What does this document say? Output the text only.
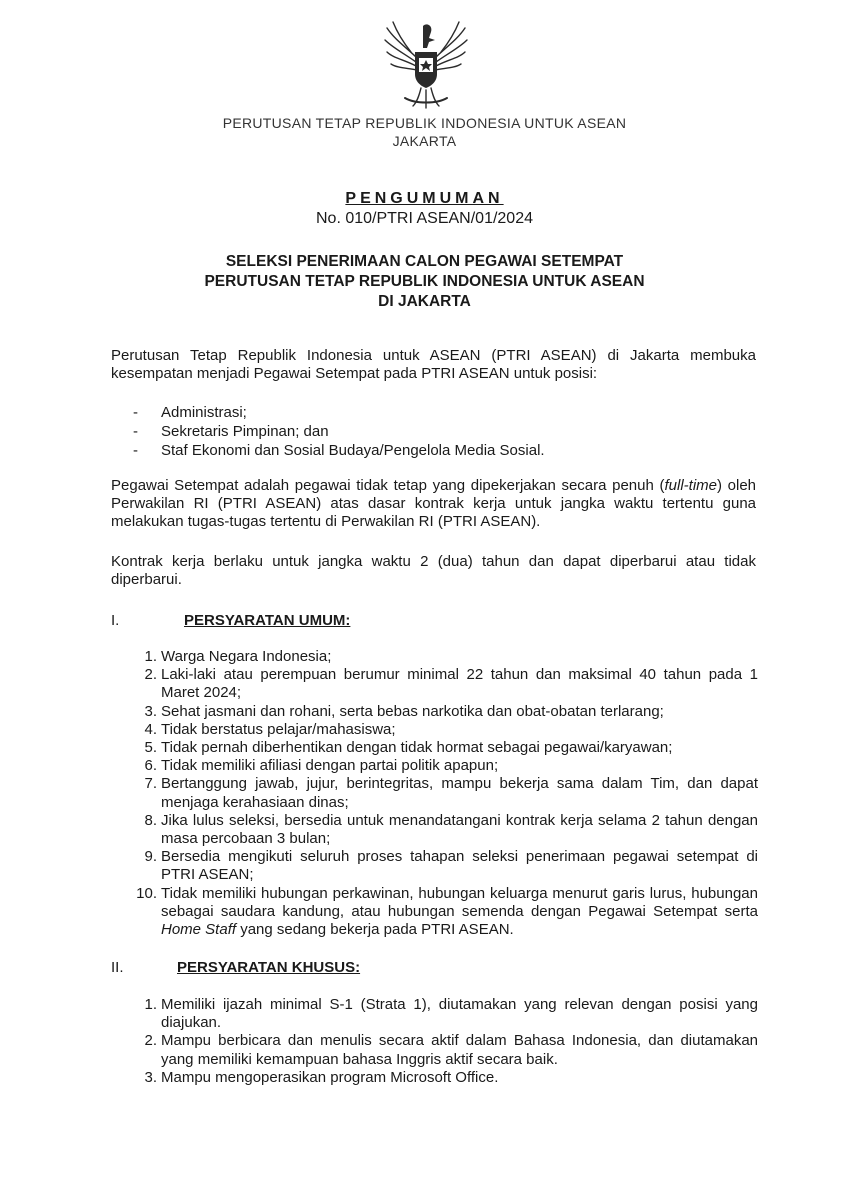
PERUTUSAN TETAP REPUBLIK INDONESIA UNTUK ASEAN
JAKARTA
PENGUMUMAN
No. 010/PTRI ASEAN/01/2024
SELEKSI PENERIMAAN CALON PEGAWAI SETEMPAT
PERUTUSAN TETAP REPUBLIK INDONESIA UNTUK ASEAN
DI JAKARTA
Perutusan Tetap Republik Indonesia untuk ASEAN (PTRI ASEAN) di Jakarta membuka kesempatan menjadi Pegawai Setempat pada PTRI ASEAN untuk posisi:
- Administrasi;
- Sekretaris Pimpinan; dan
- Staf Ekonomi dan Sosial Budaya/Pengelola Media Sosial.
Pegawai Setempat adalah pegawai tidak tetap yang dipekerjakan secara penuh (full-time) oleh Perwakilan RI (PTRI ASEAN) atas dasar kontrak kerja untuk jangka waktu tertentu guna melakukan tugas-tugas tertentu di Perwakilan RI (PTRI ASEAN).
Kontrak kerja berlaku untuk jangka waktu 2 (dua) tahun dan dapat diperbarui atau tidak diperbarui.
I.	PERSYARATAN UMUM:
1. Warga Negara Indonesia;
2. Laki-laki atau perempuan berumur minimal 22 tahun dan maksimal 40 tahun pada 1 Maret 2024;
3. Sehat jasmani dan rohani, serta bebas narkotika dan obat-obatan terlarang;
4. Tidak berstatus pelajar/mahasiswa;
5. Tidak pernah diberhentikan dengan tidak hormat sebagai pegawai/karyawan;
6. Tidak memiliki afiliasi dengan partai politik apapun;
7. Bertanggung jawab, jujur, berintegritas, mampu bekerja sama dalam Tim, dan dapat menjaga kerahasiaan dinas;
8. Jika lulus seleksi, bersedia untuk menandatangani kontrak kerja selama 2 tahun dengan masa percobaan 3 bulan;
9. Bersedia mengikuti seluruh proses tahapan seleksi penerimaan pegawai setempat di PTRI ASEAN;
10. Tidak memiliki hubungan perkawinan, hubungan keluarga menurut garis lurus, hubungan sebagai saudara kandung, atau hubungan semenda dengan Pegawai Setempat serta Home Staff yang sedang bekerja pada PTRI ASEAN.
II.	PERSYARATAN KHUSUS:
1. Memiliki ijazah minimal S-1 (Strata 1), diutamakan yang relevan dengan posisi yang diajukan.
2. Mampu berbicara dan menulis secara aktif dalam Bahasa Indonesia, dan diutamakan yang memiliki kemampuan bahasa Inggris aktif secara baik.
3. Mampu mengoperasikan program Microsoft Office.
